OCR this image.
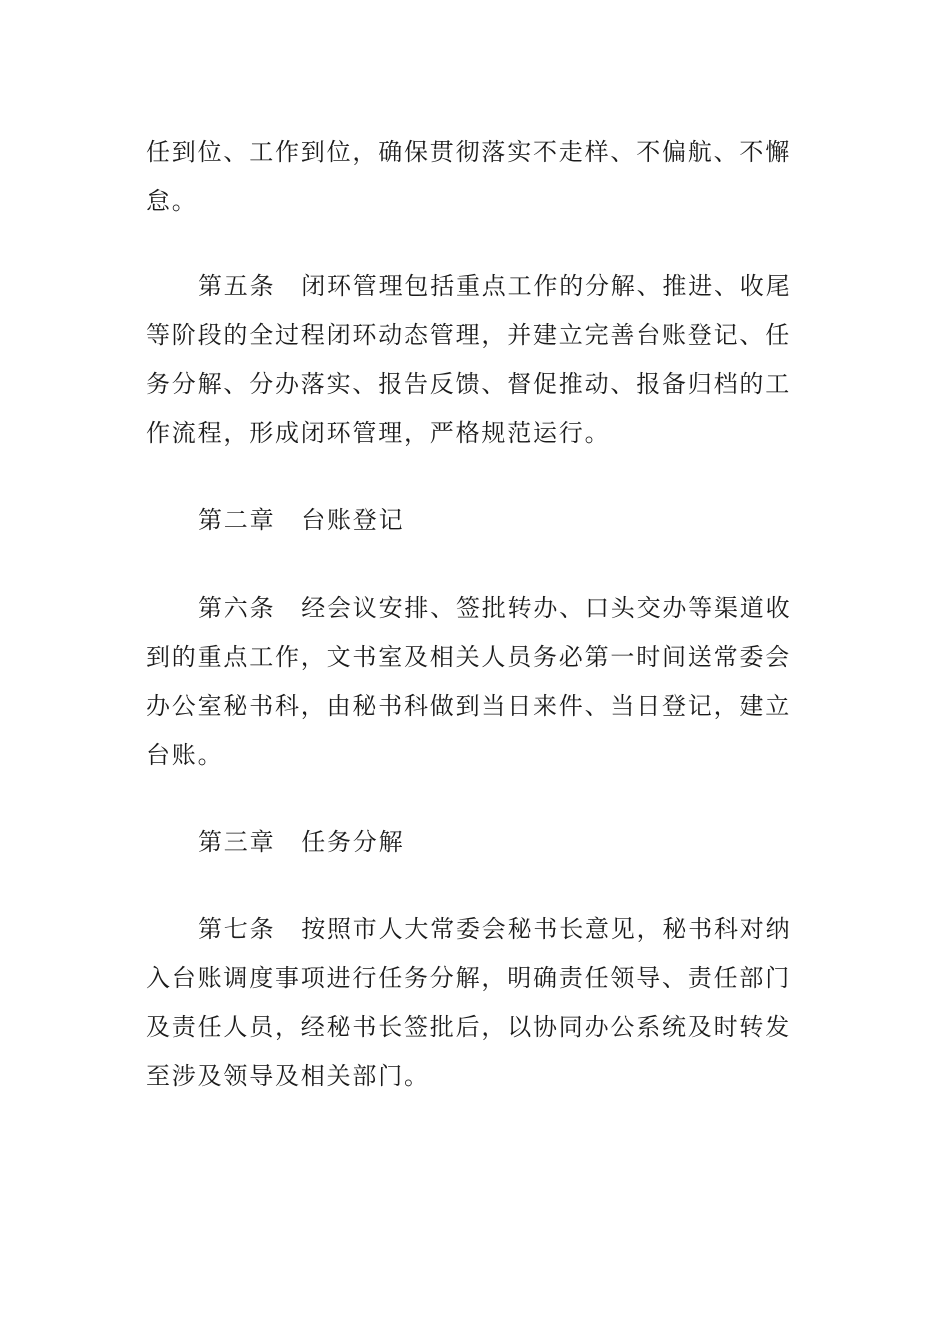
任到位、工作到位，确保贯彻落实不走样、不偏航、不懈
怠。
第五条　闭环管理包括重点工作的分解、推进、收尾
等阶段的全过程闭环动态管理，并建立完善台账登记、任
务分解、分办落实、报告反馈、督促推动、报备归档的工
作流程，形成闭环管理，严格规范运行。
第二章　台账登记
第六条　经会议安排、签批转办、口头交办等渠道收
到的重点工作，文书室及相关人员务必第一时间送常委会
办公室秘书科，由秘书科做到当日来件、当日登记，建立
台账。
第三章　任务分解
第七条　按照市人大常委会秘书长意见，秘书科对纳
入台账调度事项进行任务分解，明确责任领导、责任部门
及责任人员，经秘书长签批后，以协同办公系统及时转发
至涉及领导及相关部门。
